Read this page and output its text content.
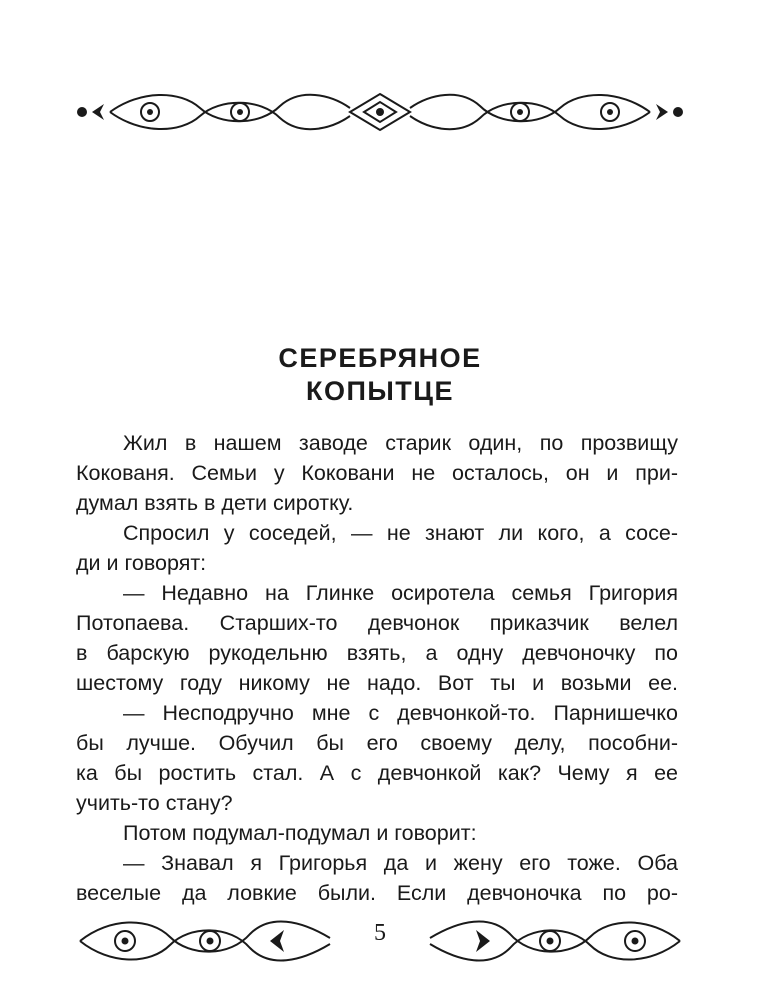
СЕРЕБРЯНОЕ
КОПЫТЦЕ
Жил в нашем заводе старик один, по прозвищу
Кокованя. Семьи у Коковани не осталось, он и при-
думал взять в дети сиротку.
Спросил у соседей, — не знают ли кого, а сосе-
ди и говорят:
— Недавно на Глинке осиротела семья Григория
Потопаева. Старших-то девчонок приказчик велел
в барскую рукодельню взять, а одну девчоночку по
шестому году никому не надо. Вот ты и возьми ее.
— Несподручно мне с девчонкой-то. Парнишечко
бы лучше. Обучил бы его своему делу, пособни-
ка бы ростить стал. А с девчонкой как? Чему я ее
учить-то стану?
Потом подумал-подумал и говорит:
— Знавал я Григорья да и жену его тоже. Оба
веселые да ловкие были. Если девчоночка по ро-
5
